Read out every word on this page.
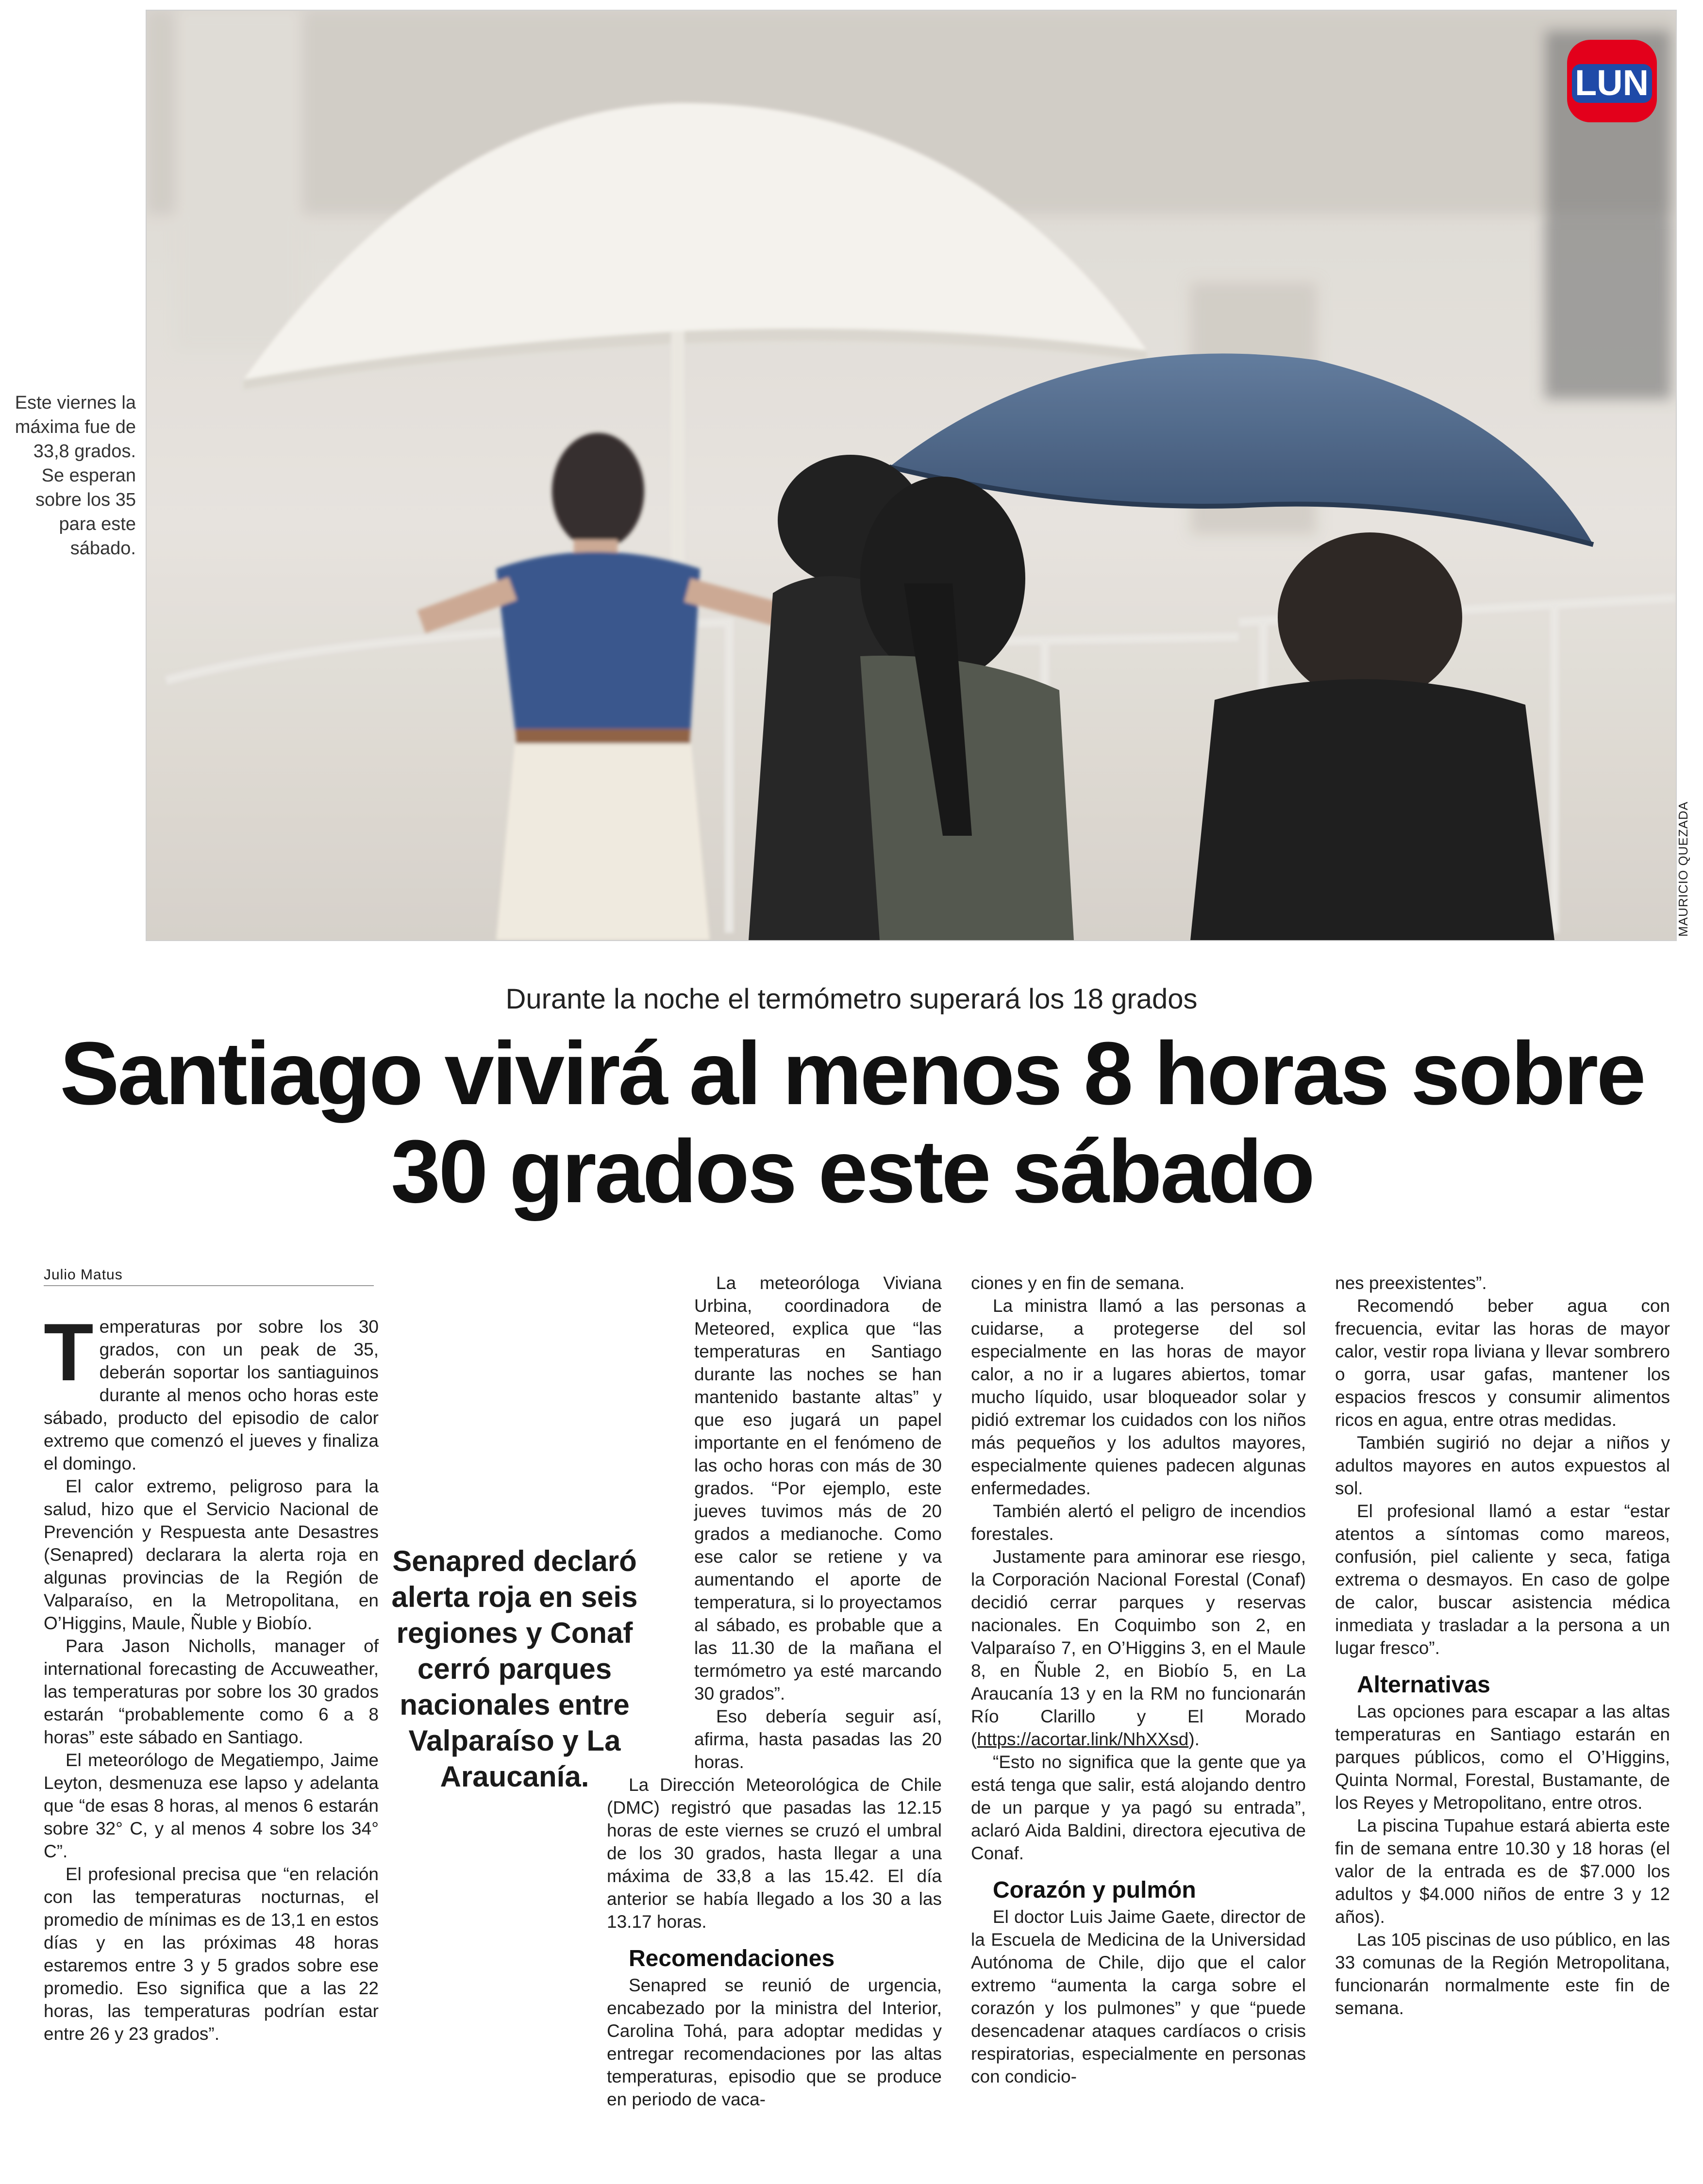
LUN
MAURICIO QUEZADA
Este viernes la máxima fue de 33,8 grados. Se esperan sobre los 35 para este sábado.
Durante la noche el termómetro superará los 18 grados
Santiago vivirá al menos 8 horas sobre
30 grados este sábado
Julio Matus

Temperaturas por sobre los 30 grados, con un peak de 35, deberán soportar los santiaguinos durante al menos ocho horas este sábado, producto del episodio de calor extremo que comenzó el jueves y finaliza el domingo.

El calor extremo, peligroso para la salud, hizo que el Servicio Nacional de Prevención y Respuesta ante Desastres (Senapred) declarara la alerta roja en algunas provincias de la Región de Valparaíso, en la Metropolitana, en O’Higgins, Maule, Ñuble y Biobío.

Para Jason Nicholls, manager of international forecasting de Accuweather, las temperaturas por sobre los 30 grados estarán “probablemente como 6 a 8 horas” este sábado en Santiago.

El meteorólogo de Megatiempo, Jaime Leyton, desmenuza ese lapso y adelanta que “de esas 8 horas, al menos 6 estarán sobre 32° C, y al menos 4 sobre los 34° C”.

El profesional precisa que “en relación con las temperaturas nocturnas, el promedio de mínimas es de 13,1 en estos días y en las próximas 48 horas estaremos entre 3 y 5 grados sobre ese promedio. Eso significa que a las 22 horas, las temperaturas podrían estar entre 26 y 23 grados”.

Senapred declaró alerta roja en seis regiones y Conaf cerró parques nacionales entre Valparaíso y La Araucanía.

La meteoróloga Viviana Urbina, coordinadora de Meteored, explica que “las temperaturas en Santiago durante las noches se han mantenido bastante altas” y que eso jugará un papel importante en el fenómeno de las ocho horas con más de 30 grados. “Por ejemplo, este jueves tuvimos más de 20 grados a medianoche. Como ese calor se retiene y va aumentando el aporte de temperatura, si lo proyectamos al sábado, es probable que a las 11.30 de la mañana el termómetro ya esté marcando 30 grados”.

Eso debería seguir así, afirma, hasta pasadas las 20 horas.

La Dirección Meteorológica de Chile (DMC) registró que pasadas las 12.15 horas de este viernes se cruzó el umbral de los 30 grados, hasta llegar a una máxima de 33,8 a las 15.42. El día anterior se había llegado a los 30 a las 13.17 horas.

Recomendaciones

Senapred se reunió de urgencia, encabezado por la ministra del Interior, Carolina Tohá, para adoptar medidas y entregar recomendaciones por las altas temperaturas, episodio que se produce en periodo de vaca-

ciones y en fin de semana.

La ministra llamó a las personas a cuidarse, a protegerse del sol especialmente en las horas de mayor calor, a no ir a lugares abiertos, tomar mucho líquido, usar bloqueador solar y pidió extremar los cuidados con los niños más pequeños y los adultos mayores, especialmente quienes padecen algunas enfermedades.

También alertó el peligro de incendios forestales.

Justamente para aminorar ese riesgo, la Corporación Nacional Forestal (Conaf) decidió cerrar parques y reservas nacionales. En Coquimbo son 2, en Valparaíso 7, en O’Higgins 3, en el Maule 8, en Ñuble 2, en Biobío 5, en La Araucanía 13 y en la RM no funcionarán Río Clarillo y El Morado (https://acortar.link/NhXXsd).

“Esto no significa que la gente que ya está tenga que salir, está alojando dentro de un parque y ya pagó su entrada”, aclaró Aida Baldini, directora ejecutiva de Conaf.

Corazón y pulmón

El doctor Luis Jaime Gaete, director de la Escuela de Medicina de la Universidad Autónoma de Chile, dijo que el calor extremo “aumenta la carga sobre el corazón y los pulmones” y que “puede desencadenar ataques cardíacos o crisis respiratorias, especialmente en personas con condicio-

nes preexistentes”.

Recomendó beber agua con frecuencia, evitar las horas de mayor calor, vestir ropa liviana y llevar sombrero o gorra, usar gafas, mantener los espacios frescos y consumir alimentos ricos en agua, entre otras medidas.

También sugirió no dejar a niños y adultos mayores en autos expuestos al sol.

El profesional llamó a estar “estar atentos a síntomas como mareos, confusión, piel caliente y seca, fatiga extrema o desmayos. En caso de golpe de calor, buscar asistencia médica inmediata y trasladar a la persona a un lugar fresco”.

Alternativas

Las opciones para escapar a las altas temperaturas en Santiago estarán en parques públicos, como el O’Higgins, Quinta Normal, Forestal, Bustamante, de los Reyes y Metropolitano, entre otros.

La piscina Tupahue estará abierta este fin de semana entre 10.30 y 18 horas (el valor de la entrada es de $7.000 los adultos y $4.000 niños de entre 3 y 12 años).

Las 105 piscinas de uso público, en las 33 comunas de la Región Metropolitana, funcionarán normalmente este fin de semana.
